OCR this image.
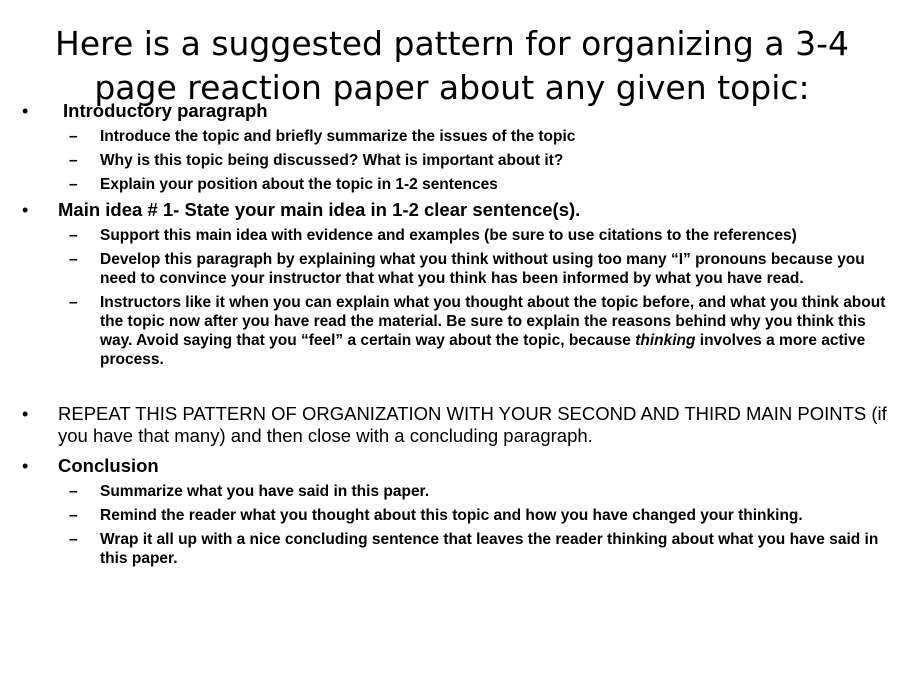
Here is a suggested pattern for organizing a 3-4
page reaction paper about any given topic:

• Introductory paragraph

– Introduce the topic and briefly summarize the issues of the topic

– Why is this topic being discussed? What is important about it?

– Explain your position about the topic in 1-2 sentences

• Main idea # 1- State your main idea in 1-2 clear sentence(s).

– Support this main idea with evidence and examples (be sure to use citations to the references)

– Develop this paragraph by explaining what you think without using too many “I” pronouns because you need to convince your instructor that what you think has been informed by what you have read.

– Instructors like it when you can explain what you thought about the topic before, and what you think about the topic now after you have read the material. Be sure to explain the reasons behind why you think this way. Avoid saying that you “feel” a certain way about the topic, because thinking involves a more active process.

• REPEAT THIS PATTERN OF ORGANIZATION WITH YOUR SECOND AND THIRD MAIN POINTS (if you have that many) and then close with a concluding paragraph.

• Conclusion

– Summarize what you have said in this paper.

– Remind the reader what you thought about this topic and how you have changed your thinking.

– Wrap it all up with a nice concluding sentence that leaves the reader thinking about what you have said in this paper.
